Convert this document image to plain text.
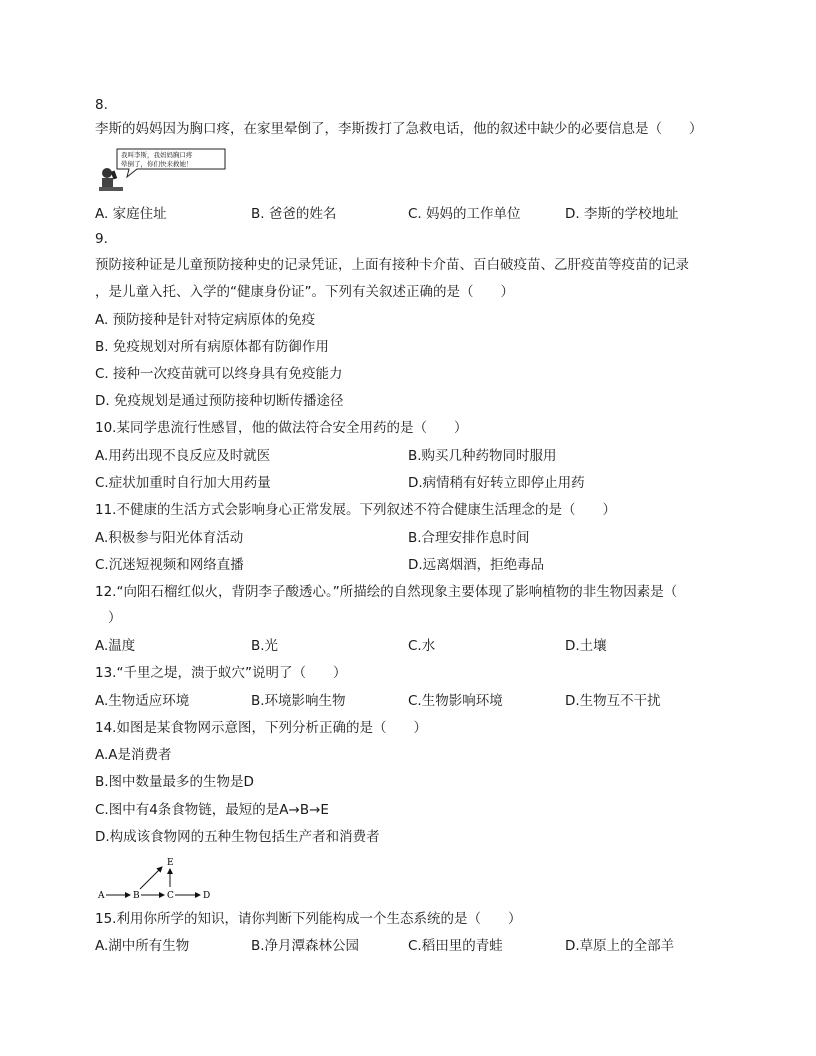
8.
李斯的妈妈因为胸口疼，在家里晕倒了，李斯拨打了急救电话，他的叙述中缺少的必要信息是（　　）
我叫李斯，我妈妈胸口疼
晕倒了，你们快来救她！
A. 家庭住址	B. 爸爸的姓名	C. 妈妈的工作单位	D. 李斯的学校地址
9.
预防接种证是儿童预防接种史的记录凭证，上面有接种卡介苗、百白破疫苗、乙肝疫苗等疫苗的记录
，是儿童入托、入学的“健康身份证”。下列有关叙述正确的是（　　）
A. 预防接种是针对特定病原体的免疫
B. 免疫规划对所有病原体都有防御作用
C. 接种一次疫苗就可以终身具有免疫能力
D. 免疫规划是通过预防接种切断传播途径
10.某同学患流行性感冒，他的做法符合安全用药的是（　　）
A.用药出现不良反应及时就医	B.购买几种药物同时服用
C.症状加重时自行加大用药量	D.病情稍有好转立即停止用药
11.不健康的生活方式会影响身心正常发展。下列叙述不符合健康生活理念的是（　　）
A.积极参与阳光体育活动	B.合理安排作息时间
C.沉迷短视频和网络直播	D.远离烟酒，拒绝毒品
12.“向阳石榴红似火，背阴李子酸透心。”所描绘的自然现象主要体现了影响植物的非生物因素是（
）
A.温度	B.光	C.水	D.土壤
13.“千里之堤，溃于蚁穴”说明了（　　）
A.生物适应环境	B.环境影响生物	C.生物影响环境	D.生物互不干扰
14.如图是某食物网示意图，下列分析正确的是（　　）
A.A是消费者
B.图中数量最多的生物是D
C.图中有4条食物链，最短的是A→B→E
D.构成该食物网的五种生物包括生产者和消费者
A	B	C	D
E
15.利用你所学的知识，请你判断下列能构成一个生态系统的是（　　）
A.湖中所有生物	B.净月潭森林公园	C.稻田里的青蛙	D.草原上的全部羊
